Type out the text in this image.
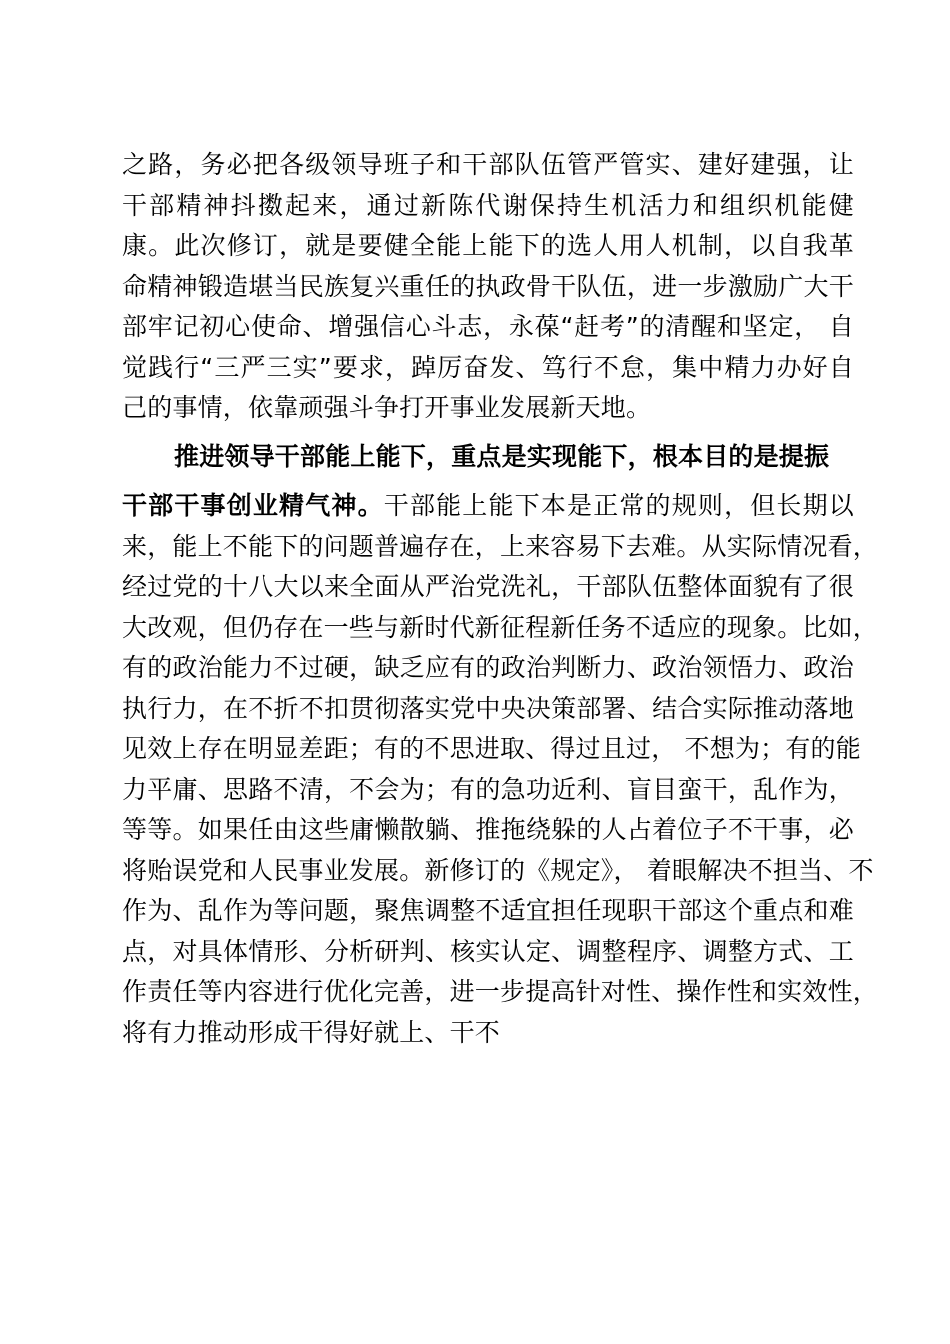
之路，务必把各级领导班子和干部队伍管严管实、建好建强，让
干部精神抖擞起来，通过新陈代谢保持生机活力和组织机能健
康。此次修订，就是要健全能上能下的选人用人机制，以自我革
命精神锻造堪当民族复兴重任的执政骨干队伍，进一步激励广大干
部牢记初心使命、增强信心斗志，永葆“赶考”的清醒和坚定， 自
觉践行“三严三实”要求，踔厉奋发、笃行不怠，集中精力办好自
己的事情，依靠顽强斗争打开事业发展新天地。
推进领导干部能上能下，重点是实现能下，根本目的是提振
干部干事创业精气神。干部能上能下本是正常的规则，但长期以
来，能上不能下的问题普遍存在，上来容易下去难。从实际情况看，
经过党的十八大以来全面从严治党洗礼，干部队伍整体面貌有了很
大改观，但仍存在一些与新时代新征程新任务不适应的现象。比如，
有的政治能力不过硬，缺乏应有的政治判断力、政治领悟力、政治
执行力，在不折不扣贯彻落实党中央决策部署、结合实际推动落地
见效上存在明显差距；有的不思进取、得过且过， 不想为；有的能
力平庸、思路不清，不会为；有的急功近利、盲目蛮干，乱作为，
等等。如果任由这些庸懒散躺、推拖绕躲的人占着位子不干事，必
将贻误党和人民事业发展。新修订的《规定》， 着眼解决不担当、不
作为、乱作为等问题，聚焦调整不适宜担任现职干部这个重点和难
点，对具体情形、分析研判、核实认定、调整程序、调整方式、工
作责任等内容进行优化完善，进一步提高针对性、操作性和实效性，
将有力推动形成干得好就上、干不
